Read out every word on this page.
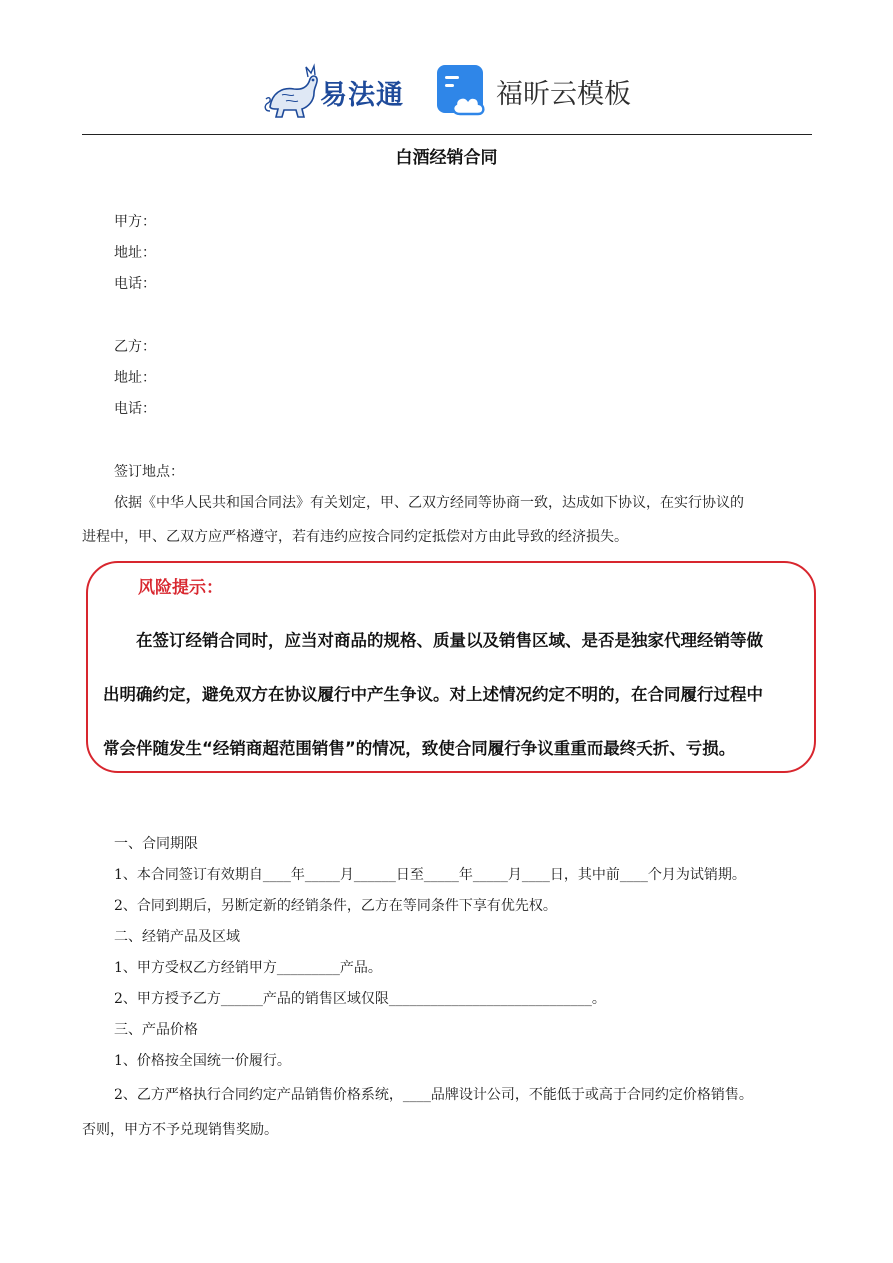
易法通	福昕云模板
白酒经销合同
甲方：
地址：
电话：
乙方：
地址：
电话：
签订地点：
依据《中华人民共和国合同法》有关划定，甲、乙双方经同等协商一致，达成如下协议，在实行协议的
进程中，甲、乙双方应严格遵守，若有违约应按合同约定抵偿对方由此导致的经济损失。
风险提示：
在签订经销合同时，应当对商品的规格、质量以及销售区域、是否是独家代理经销等做
出明确约定，避免双方在协议履行中产生争议。对上述情况约定不明的，在合同履行过程中
常会伴随发生“经销商超范围销售”的情况，致使合同履行争议重重而最终夭折、亏损。
一、合同期限
1、本合同签订有效期自____年_____月______日至_____年_____月____日，其中前____个月为试销期。
2、合同到期后，另断定新的经销条件，乙方在等同条件下享有优先权。
二、经销产品及区域
1、甲方受权乙方经销甲方_________产品。
2、甲方授予乙方______产品的销售区域仅限_____________________________。
三、产品价格
1、价格按全国统一价履行。
2、乙方严格执行合同约定产品销售价格系统，____品牌设计公司，不能低于或高于合同约定价格销售。
否则，甲方不予兑现销售奖励。
